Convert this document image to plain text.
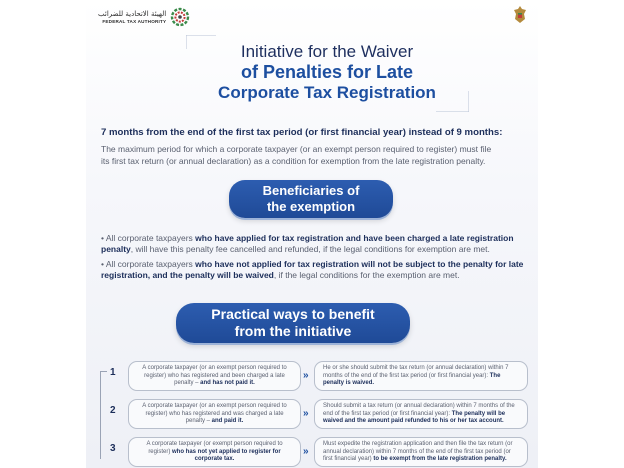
الهيئة الاتحادية للضرائب
FEDERAL TAX AUTHORITY
Initiative for the Waiver
of Penalties for Late
Corporate Tax Registration
7 months from the end of the first tax period (or first financial year) instead of 9 months:
The maximum period for which a corporate taxpayer (or an exempt person required to register) must file its first tax return (or annual declaration) as a condition for exemption from the late registration penalty.
Beneficiaries of
the exemption

• All corporate taxpayers who have applied for tax registration and have been charged a late registration penalty, will have this penalty fee cancelled and refunded, if the legal conditions for exemption are met.

• All corporate taxpayers who have not applied for tax registration will not be subject to the penalty for late registration, and the penalty will be waived, if the legal conditions for the exemption are met.

Practical ways to benefit
from the initiative
1	A corporate taxpayer (or an exempt person required to register) who has registered and been charged a late penalty – and has not paid it.
»
He or she should submit the tax return (or annual declaration) within 7 months of the end of the first tax period (or first financial year): The penalty is waived.
2	A corporate taxpayer (or an exempt person required to register) who has registered and was charged a late penalty – and paid it.
»
Should submit a tax return (or annual declaration) within 7 months of the end of the first tax period (or first financial year): The penalty will be waived and the amount paid refunded to his or her tax account.
3	A corporate taxpayer (or exempt person required to register) who has not yet applied to register for corporate tax.
»
Must expedite the registration application and then file the tax return (or annual declaration) within 7 months of the end of the first tax period (or first financial year) to be exempt from the late registration penalty.
